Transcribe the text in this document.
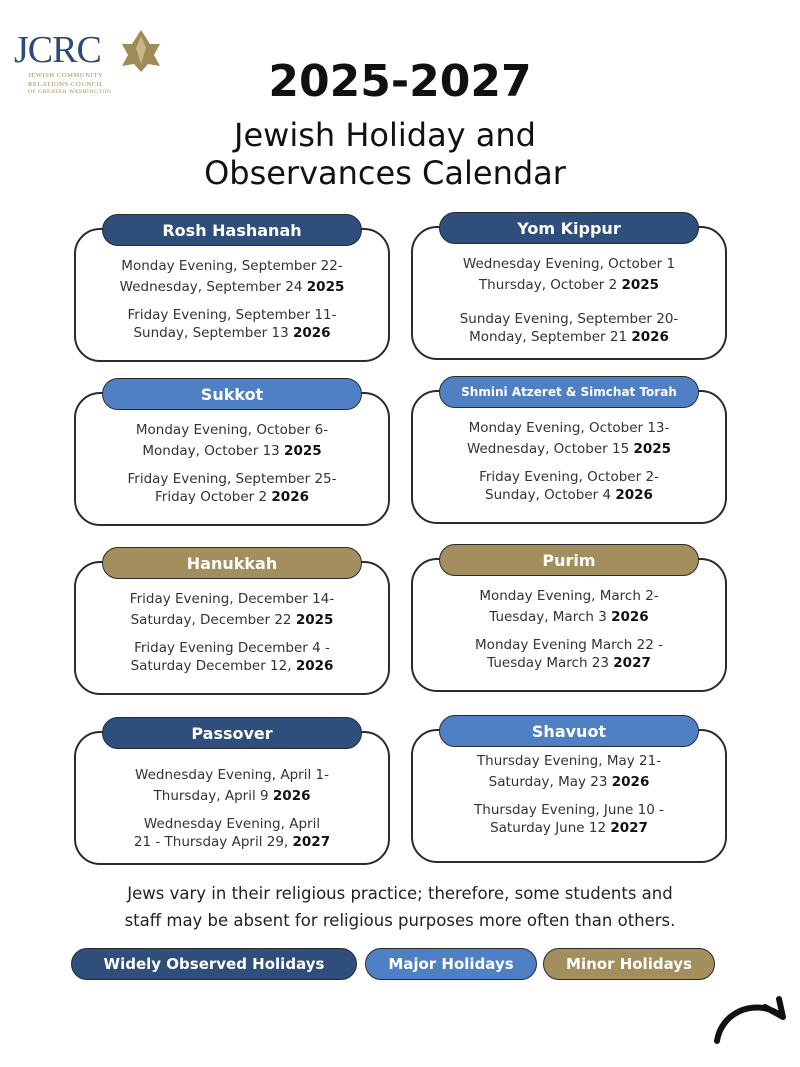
JCRC
JEWISH COMMUNITY
RELATIONS COUNCIL
OF GREATER WASHINGTON	2025-2027
Jewish Holiday and
Observances Calendar
Rosh Hashanah
Monday Evening, September 22-
Wednesday, September 24 2025
Friday Evening, September 11-
Sunday, September 13 2026
Yom Kippur
Wednesday Evening, October 1
Thursday, October 2 2025
Sunday Evening, September 20-
Monday, September 21 2026
Sukkot
Monday Evening, October 6-
Monday, October 13 2025
Friday Evening, September 25-
Friday October 2 2026
Shmini Atzeret & Simchat Torah
Monday Evening, October 13-
Wednesday, October 15 2025
Friday Evening, October 2-
Sunday, October 4 2026
Hanukkah
Friday Evening, December 14-
Saturday, December 22 2025
Friday Evening December 4 -
Saturday December 12, 2026
Purim
Monday Evening, March 2-
Tuesday, March 3 2026
Monday Evening March 22 -
Tuesday March 23 2027
Passover
Wednesday Evening, April 1-
Thursday, April 9 2026
Wednesday Evening, April
21 - Thursday April 29, 2027
Shavuot
Thursday Evening, May 21-
Saturday, May 23 2026
Thursday Evening, June 10 -
Saturday June 12 2027
Jews vary in their religious practice; therefore, some students and
staff may be absent for religious purposes more often than others.
Widely Observed Holidays	Major Holidays	Minor Holidays
